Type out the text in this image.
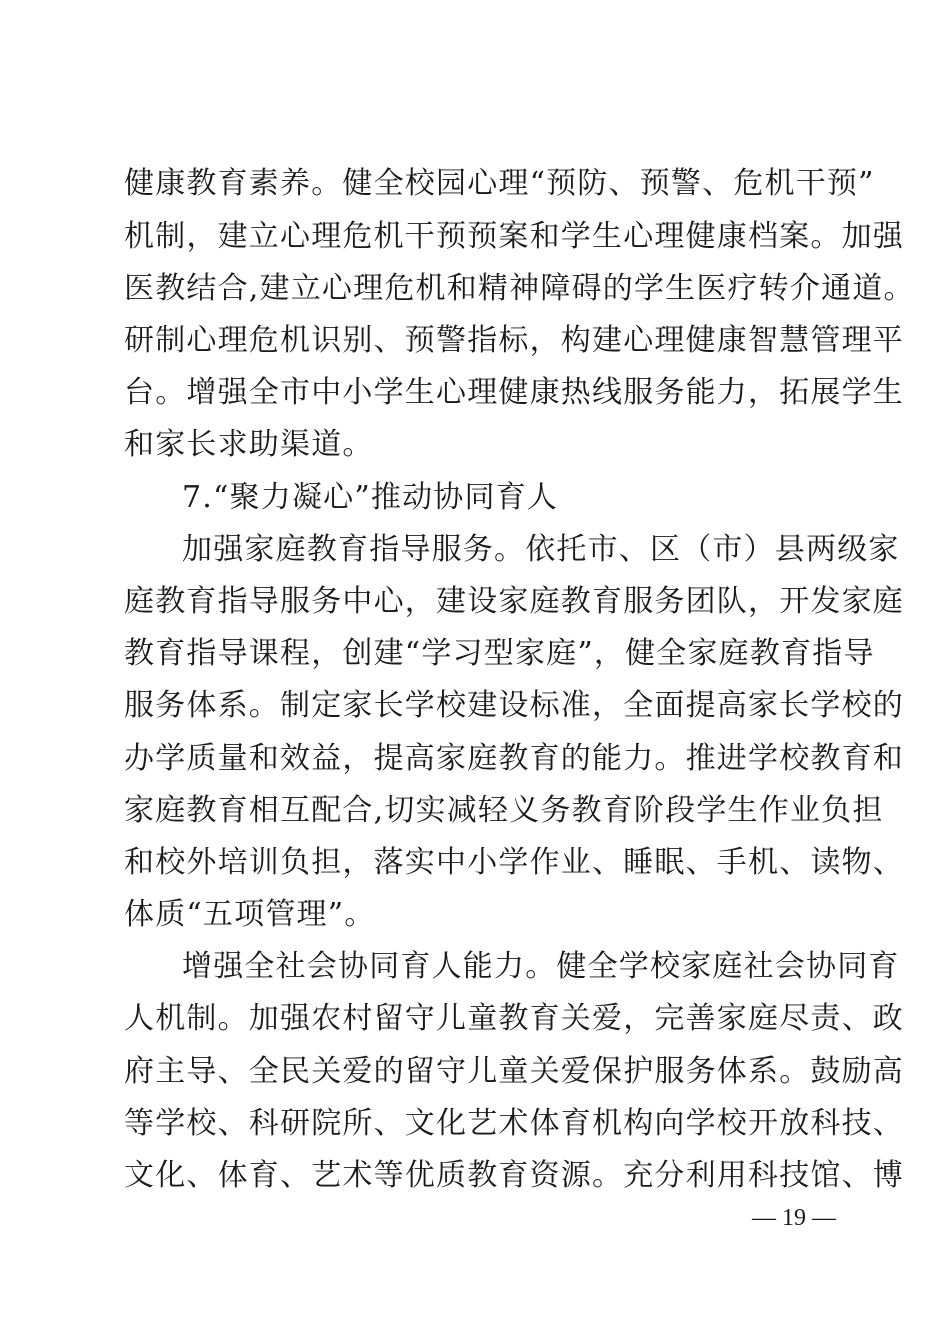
健康教育素养。健全校园心理“预防、预警、危机干预”
机制，建立心理危机干预预案和学生心理健康档案。加强
医教结合,建立心理危机和精神障碍的学生医疗转介通道。
研制心理危机识别、预警指标，构建心理健康智慧管理平
台。增强全市中小学生心理健康热线服务能力，拓展学生
和家长求助渠道。
7.“聚力凝心”推动协同育人
加强家庭教育指导服务。依托市、区（市）县两级家
庭教育指导服务中心，建设家庭教育服务团队，开发家庭
教育指导课程，创建“学习型家庭”，健全家庭教育指导
服务体系。制定家长学校建设标准，全面提高家长学校的
办学质量和效益，提高家庭教育的能力。推进学校教育和
家庭教育相互配合,切实减轻义务教育阶段学生作业负担
和校外培训负担，落实中小学作业、睡眠、手机、读物、
体质“五项管理”。
增强全社会协同育人能力。健全学校家庭社会协同育
人机制。加强农村留守儿童教育关爱，完善家庭尽责、政
府主导、全民关爱的留守儿童关爱保护服务体系。鼓励高
等学校、科研院所、文化艺术体育机构向学校开放科技、
文化、体育、艺术等优质教育资源。充分利用科技馆、博
— 19 —
